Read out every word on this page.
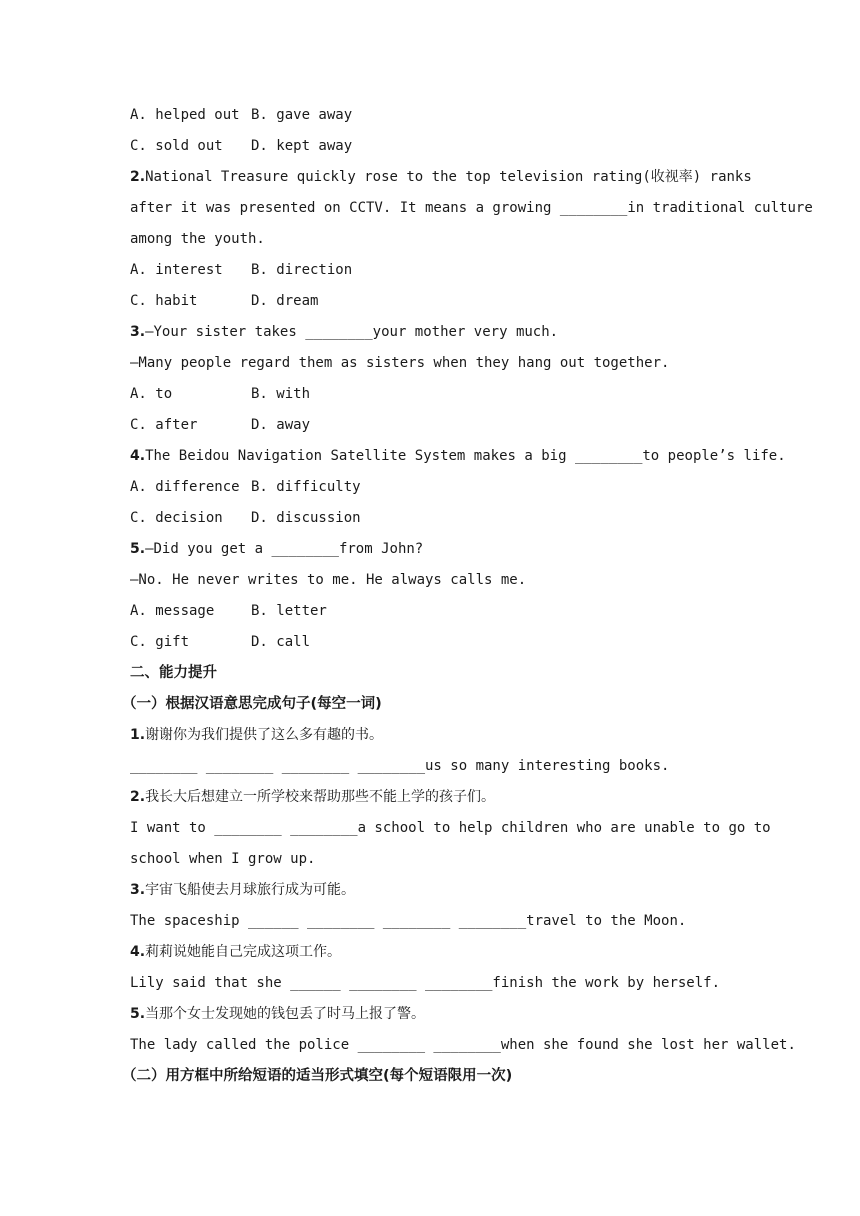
A. helped out B. gave away
C. sold out D. kept away
2.National Treasure quickly rose to the top television rating(收视率) ranks
after it was presented on CCTV. It means a growing ________in traditional culture
among the youth.
A. interest B. direction
C. habit	D. dream
3.—Your sister takes ________your mother very much.
—Many people regard them as sisters when they hang out together.
A. to	B. with
C. after	D. away
4.The Beidou Navigation Satellite System makes a big ________to people’s life.
A. difference B. difficulty
C. decision D. discussion
5.—Did you get a ________from John?
—No. He never writes to me. He always calls me.
A. message	B. letter
C. gift	D. call
二、能力提升
（一）根据汉语意思完成句子(每空一词)
1.谢谢你为我们提供了这么多有趣的书。
________ ________ ________ ________us so many interesting books.
2.我长大后想建立一所学校来帮助那些不能上学的孩子们。
I want to ________ ________a school to help children who are unable to go to
school when I grow up.
3.宇宙飞船使去月球旅行成为可能。
The spaceship ______ ________ ________ ________travel to the Moon.
4.莉莉说她能自己完成这项工作。
Lily said that she ______ ________ ________finish the work by herself.
5.当那个女士发现她的钱包丢了时马上报了警。
The lady called the police ________ ________when she found she lost her wallet.
（二）用方框中所给短语的适当形式填空(每个短语限用一次)
